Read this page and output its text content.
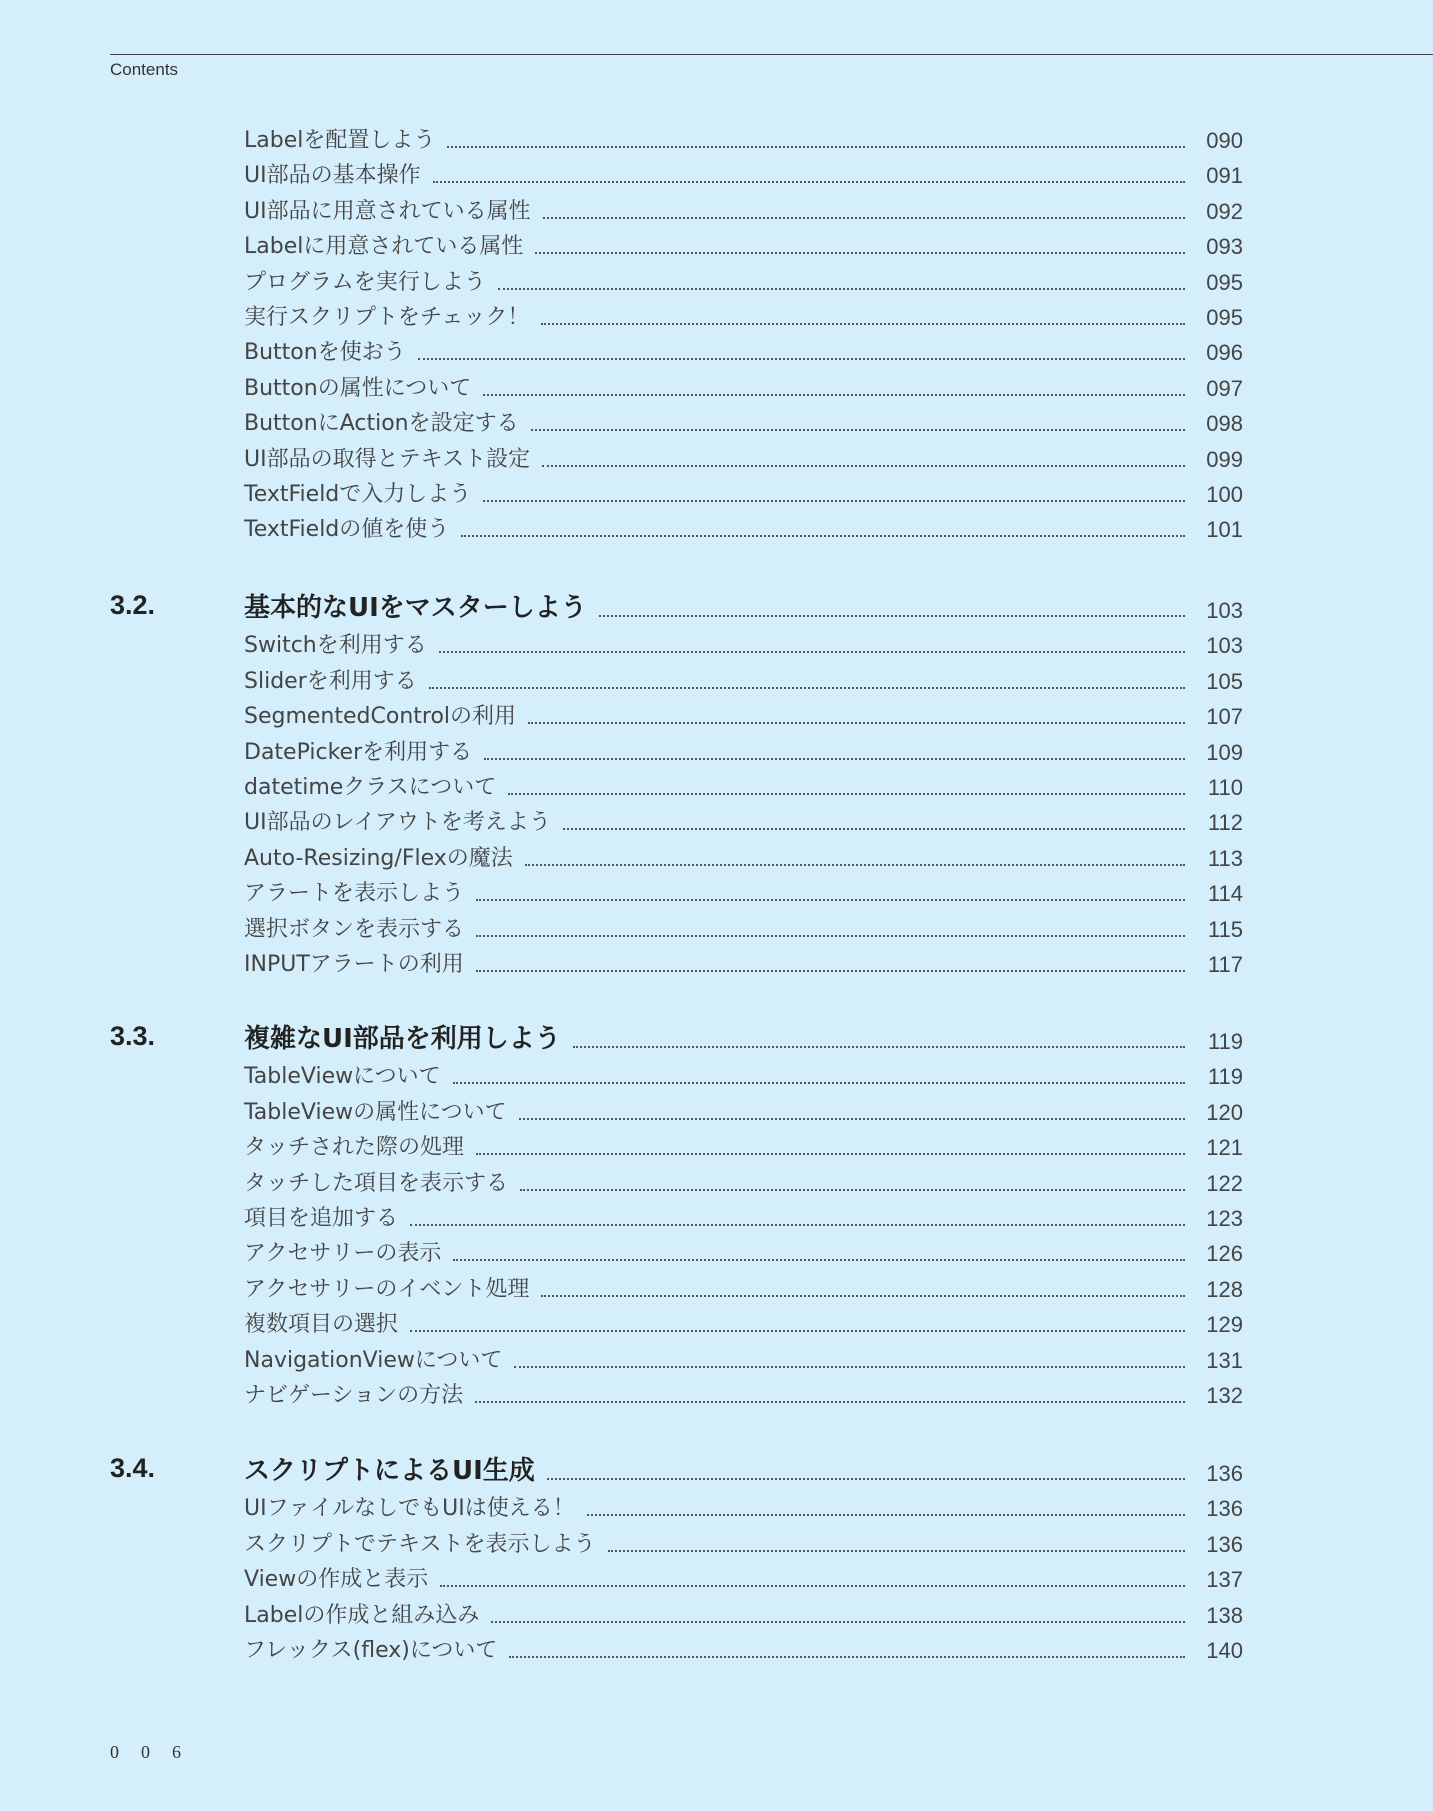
Contents
Labelを配置しよう	090
UI部品の基本操作	091
UI部品に用意されている属性	092
Labelに用意されている属性	093
プログラムを実行しよう	095
実行スクリプトをチェック！	095
Buttonを使おう	096
Buttonの属性について	097
ButtonにActionを設定する	098
UI部品の取得とテキスト設定	099
TextFieldで入力しよう	100
TextFieldの値を使う	101
3.2.	基本的なUIをマスターしよう	103
Switchを利用する	103
Sliderを利用する	105
SegmentedControlの利用	107
DatePickerを利用する	109
datetimeクラスについて	110
UI部品のレイアウトを考えよう	112
Auto-Resizing/Flexの魔法	113
アラートを表示しよう	114
選択ボタンを表示する	115
INPUTアラートの利用	117
3.3.	複雑なUI部品を利用しよう	119
TableViewについて	119
TableViewの属性について	120
タッチされた際の処理	121
タッチした項目を表示する	122
項目を追加する	123
アクセサリーの表示	126
アクセサリーのイベント処理	128
複数項目の選択	129
NavigationViewについて	131
ナビゲーションの方法	132
3.4.	スクリプトによるUI生成	136
UIファイルなしでもUIは使える！	136
スクリプトでテキストを表示しよう	136
Viewの作成と表示	137
Labelの作成と組み込み	138
フレックス(flex)について	140
006
